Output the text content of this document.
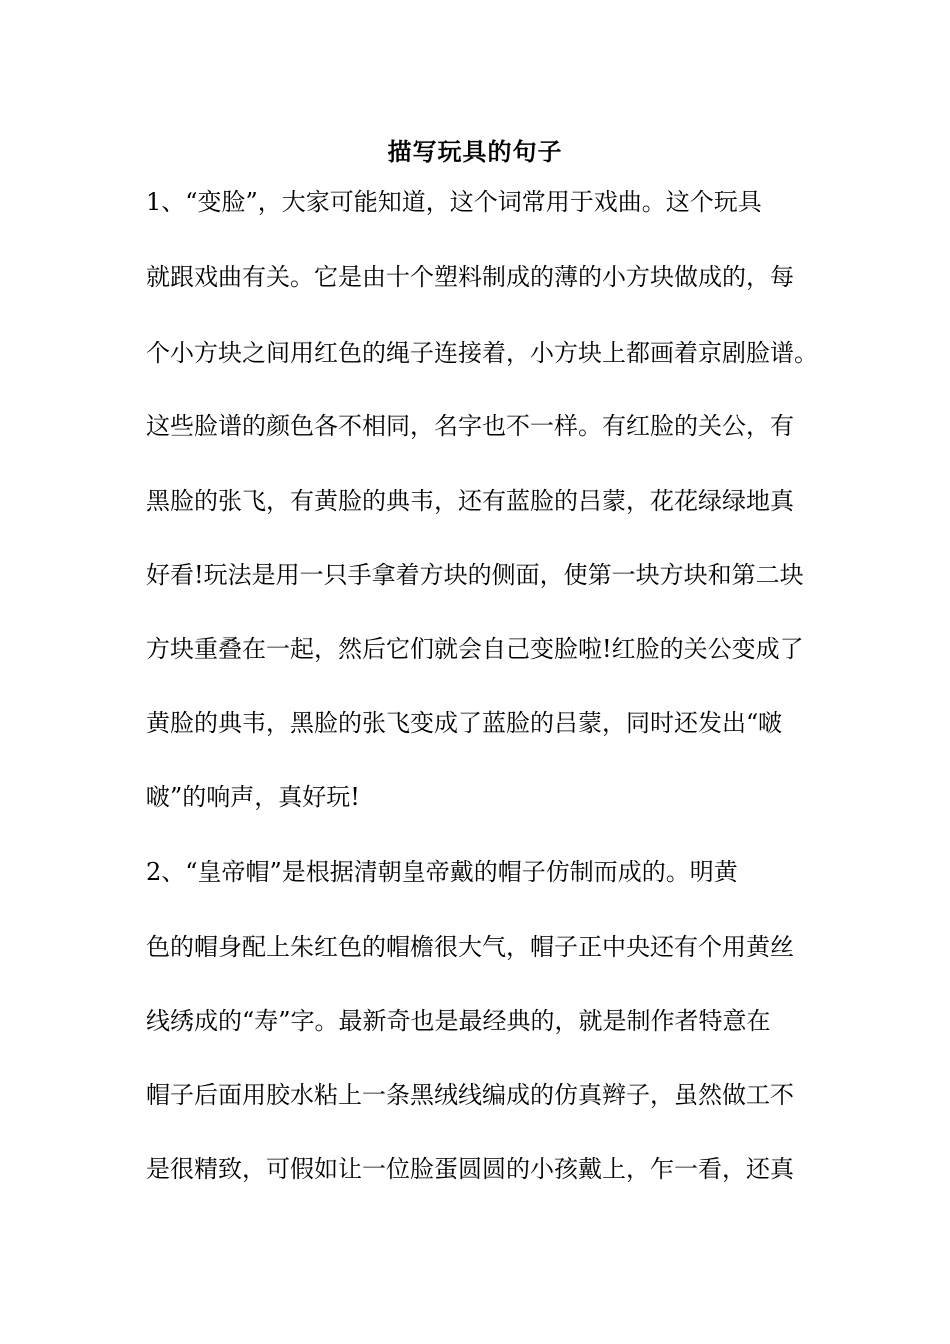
描写玩具的句子
1、“变脸”，大家可能知道，这个词常用于戏曲。这个玩具
就跟戏曲有关。它是由十个塑料制成的薄的小方块做成的，每
个小方块之间用红色的绳子连接着，小方块上都画着京剧脸谱。
这些脸谱的颜色各不相同，名字也不一样。有红脸的关公，有
黑脸的张飞，有黄脸的典韦，还有蓝脸的吕蒙，花花绿绿地真
好看!玩法是用一只手拿着方块的侧面，使第一块方块和第二块
方块重叠在一起，然后它们就会自己变脸啦!红脸的关公变成了
黄脸的典韦，黑脸的张飞变成了蓝脸的吕蒙，同时还发出“啵
啵”的响声，真好玩!
2、“皇帝帽”是根据清朝皇帝戴的帽子仿制而成的。明黄
色的帽身配上朱红色的帽檐很大气，帽子正中央还有个用黄丝
线绣成的“寿”字。最新奇也是最经典的，就是制作者特意在
帽子后面用胶水粘上一条黑绒线编成的仿真辫子，虽然做工不
是很精致，可假如让一位脸蛋圆圆的小孩戴上，乍一看，还真
